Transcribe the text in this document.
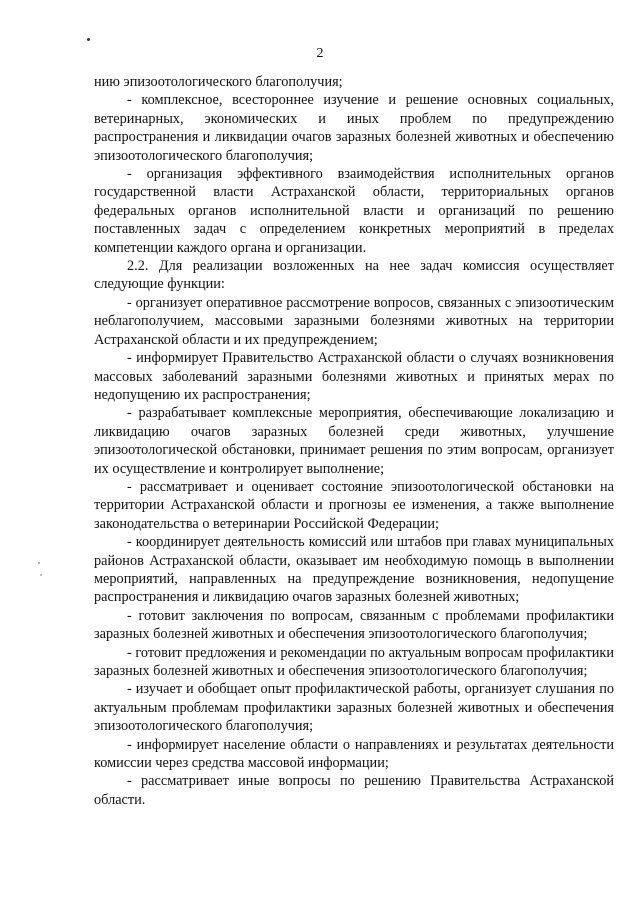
2

нию эпизоотологического благополучия;

- комплексное, всестороннее изучение и решение основных социальных, ветеринарных, экономических и иных проблем по предупреждению распространения и ликвидации очагов заразных болезней животных и обеспечению эпизоотологического благополучия;

- организация эффективного взаимодействия исполнительных органов государственной власти Астраханской области, территориальных органов федеральных органов исполнительной власти и организаций по решению поставленных задач с определением конкретных мероприятий в пределах компетенции каждого органа и организации.

2.2. Для реализации возложенных на нее задач комиссия осуществляет следующие функции:

- организует оперативное рассмотрение вопросов, связанных с эпизоотическим неблагополучием, массовыми заразными болезнями животных на территории Астраханской области и их предупреждением;

- информирует Правительство Астраханской области о случаях возникновения массовых заболеваний заразными болезнями животных и принятых мерах по недопущению их распространения;

- разрабатывает комплексные мероприятия, обеспечивающие локализацию и ликвидацию очагов заразных болезней среди животных, улучшение эпизоотологической обстановки, принимает решения по этим вопросам, организует их осуществление и контролирует выполнение;

- рассматривает и оценивает состояние эпизоотологической обстановки на территории Астраханской области и прогнозы ее изменения, а также выполнение законодательства о ветеринарии Российской Федерации;

- координирует деятельность комиссий или штабов при главах муниципальных районов Астраханской области, оказывает им необходимую помощь в выполнении мероприятий, направленных на предупреждение возникновения, недопущение распространения и ликвидацию очагов заразных болезней животных;

- готовит заключения по вопросам, связанным с проблемами профилактики заразных болезней животных и обеспечения эпизоотологического благополучия;

- готовит предложения и рекомендации по актуальным вопросам профилактики заразных болезней животных и обеспечения эпизоотологического благополучия;

- изучает и обобщает опыт профилактической работы, организует слушания по актуальным проблемам профилактики заразных болезней животных и обеспечения эпизоотологического благополучия;

- информирует население области о направлениях и результатах деятельности комиссии через средства массовой информации;

- рассматривает иные вопросы по решению Правительства Астраханской области.
